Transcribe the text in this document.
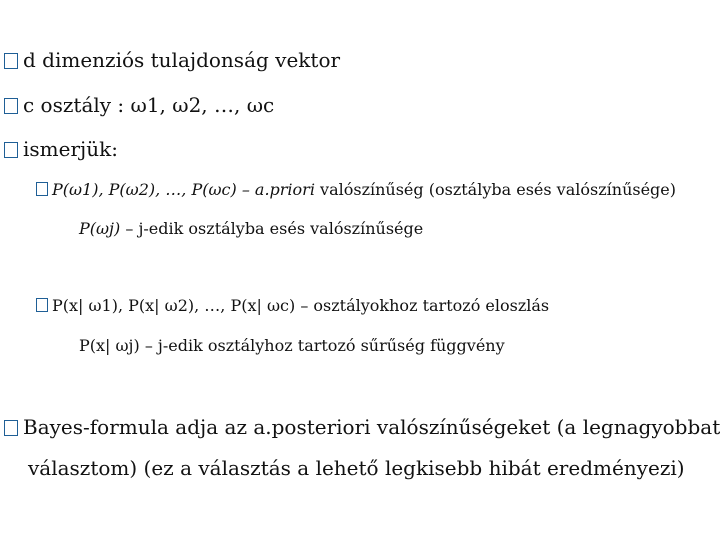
d dimenziós tulajdonság vektor
c osztály : ω1, ω2, …, ωc
ismerjük:
P(ω1), P(ω2), …, P(ωc) – a.priori valószínűség (osztályba esés valószínűsége)
P(ωj) – j-edik osztályba esés valószínűsége
P(x| ω1), P(x| ω2), …, P(x| ωc) – osztályokhoz tartozó eloszlás
P(x| ωj) – j-edik osztályhoz tartozó sűrűség függvény
Bayes-formula adja az a.posteriori valószínűségeket (a legnagyobbat
választom) (ez a választás a lehető legkisebb hibát eredményezi)
